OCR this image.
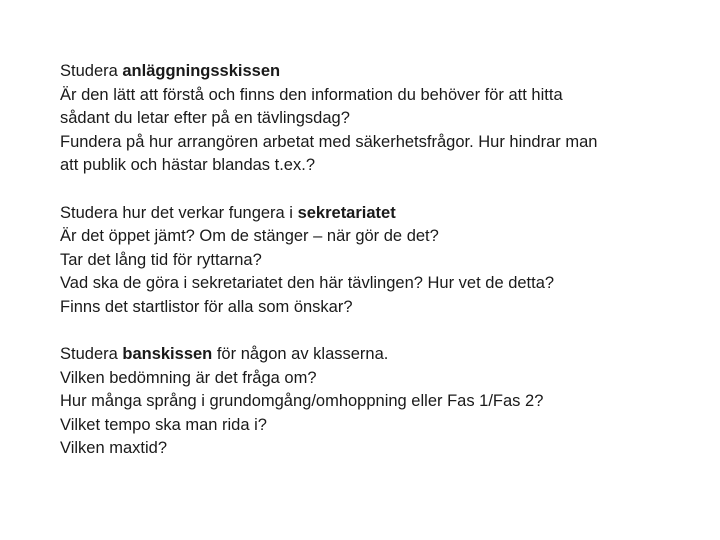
Studera anläggningsskissen
Är den lätt att förstå och finns den information du behöver för att hitta
sådant du letar efter på en tävlingsdag?
Fundera på hur arrangören arbetat med säkerhetsfrågor. Hur hindrar man
att publik och hästar blandas t.ex.?
Studera hur det verkar fungera i sekretariatet
Är det öppet jämt? Om de stänger – när gör de det?
Tar det lång tid för ryttarna?
Vad ska de göra i sekretariatet den här tävlingen? Hur vet de detta?
Finns det startlistor för alla som önskar?
Studera banskissen för någon av klasserna.
Vilken bedömning är det fråga om?
Hur många språng i grundomgång/omhoppning eller Fas 1/Fas 2?
Vilket tempo ska man rida i?
Vilken maxtid?
